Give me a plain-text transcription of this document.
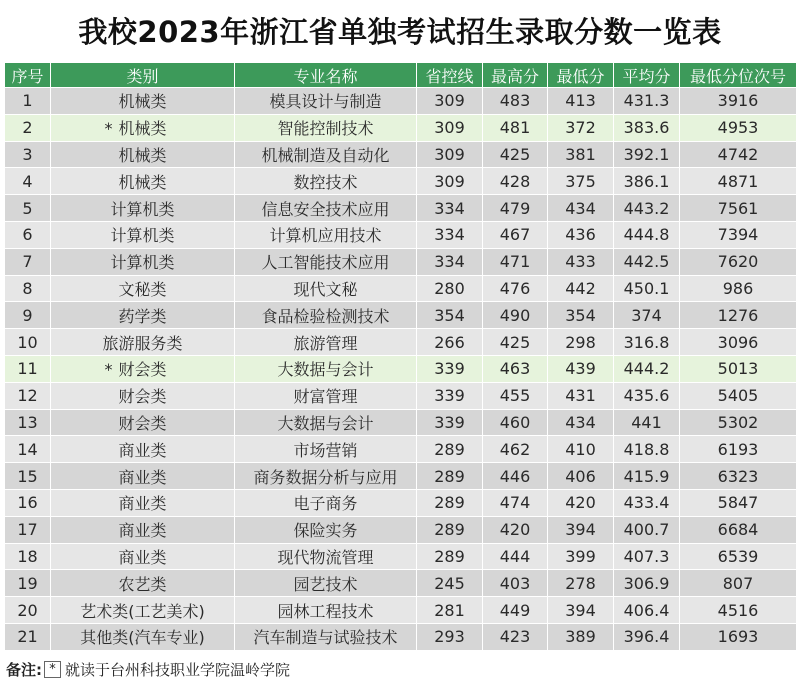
我校2023年浙江省单独考试招生录取分数一览表
序号	类别	专业名称	省控线	最高分	最低分	平均分	最低分位次号
1	机械类	模具设计与制造	309	483	413	431.3	3916
2	* 机械类	智能控制技术	309	481	372	383.6	4953
3	机械类	机械制造及自动化	309	425	381	392.1	4742
4	机械类	数控技术	309	428	375	386.1	4871
5	计算机类	信息安全技术应用	334	479	434	443.2	7561
6	计算机类	计算机应用技术	334	467	436	444.8	7394
7	计算机类	人工智能技术应用	334	471	433	442.5	7620
8	文秘类	现代文秘	280	476	442	450.1	986
9	药学类	食品检验检测技术	354	490	354	374	1276
10	旅游服务类	旅游管理	266	425	298	316.8	3096
11	* 财会类	大数据与会计	339	463	439	444.2	5013
12	财会类	财富管理	339	455	431	435.6	5405
13	财会类	大数据与会计	339	460	434	441	5302
14	商业类	市场营销	289	462	410	418.8	6193
15	商业类	商务数据分析与应用	289	446	406	415.9	6323
16	商业类	电子商务	289	474	420	433.4	5847
17	商业类	保险实务	289	420	394	400.7	6684
18	商业类	现代物流管理	289	444	399	407.3	6539
19	农艺类	园艺技术	245	403	278	306.9	807
20	艺术类(工艺美术)	园林工程技术	281	449	394	406.4	4516
21	其他类(汽车专业)	汽车制造与试验技术	293	423	389	396.4	1693
备注: * 就读于台州科技职业学院温岭学院
